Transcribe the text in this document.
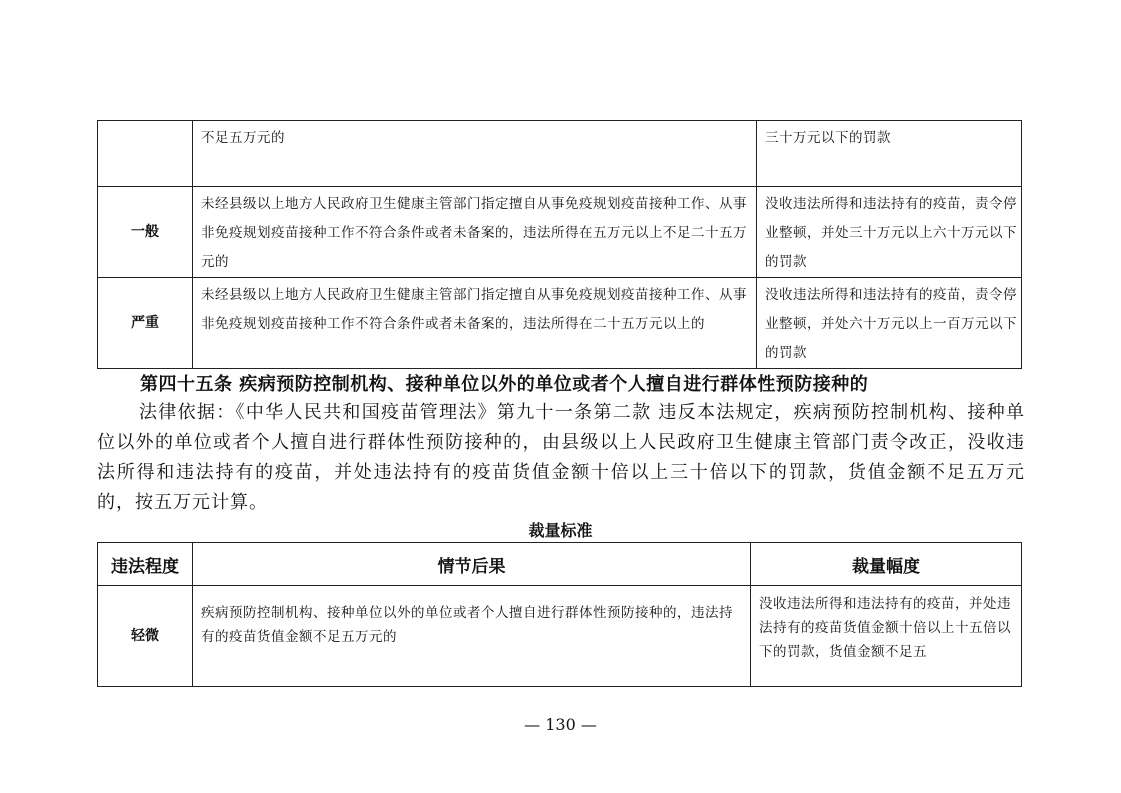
	不足五万元的	三十万元以下的罚款
一般	未经县级以上地方人民政府卫生健康主管部门指定擅自从事免疫规划疫苗接种工作、从事非免疫规划疫苗接种工作不符合条件或者未备案的，违法所得在五万元以上不足二十五万元的	没收违法所得和违法持有的疫苗，责令停业整顿，并处三十万元以上六十万元以下的罚款
严重	未经县级以上地方人民政府卫生健康主管部门指定擅自从事免疫规划疫苗接种工作、从事非免疫规划疫苗接种工作不符合条件或者未备案的，违法所得在二十五万元以上的	没收违法所得和违法持有的疫苗，责令停业整顿，并处六十万元以上一百万元以下的罚款
第四十五条 疾病预防控制机构、接种单位以外的单位或者个人擅自进行群体性预防接种的
法律依据：《中华人民共和国疫苗管理法》第九十一条第二款 违反本法规定，疾病预防控制机构、接种单位以外的单位或者个人擅自进行群体性预防接种的，由县级以上人民政府卫生健康主管部门责令改正，没收违法所得和违法持有的疫苗，并处违法持有的疫苗货值金额十倍以上三十倍以下的罚款，货值金额不足五万元的，按五万元计算。
裁量标准
违法程度	情节后果	裁量幅度
轻微	疾病预防控制机构、接种单位以外的单位或者个人擅自进行群体性预防接种的，违法持有的疫苗货值金额不足五万元的	没收违法所得和违法持有的疫苗，并处违法持有的疫苗货值金额十倍以上十五倍以下的罚款，货值金额不足五
— 130 —
